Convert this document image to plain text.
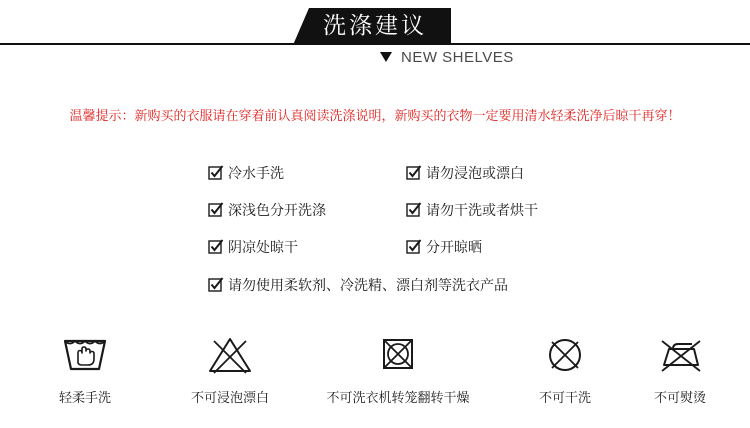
洗涤建议
NEW SHELVES
温馨提示：新购买的衣服请在穿着前认真阅读洗涤说明，新购买的衣物一定要用清水轻柔洗净后晾干再穿！
冷水手洗	请勿浸泡或漂白
深浅色分开洗涤	请勿干洗或者烘干
阴凉处晾干	分开晾晒
请勿使用柔软剂、冷洗精、漂白剂等洗衣产品
轻柔手洗	不可浸泡漂白	不可洗衣机转笼翻转干燥	不可干洗	不可熨烫
